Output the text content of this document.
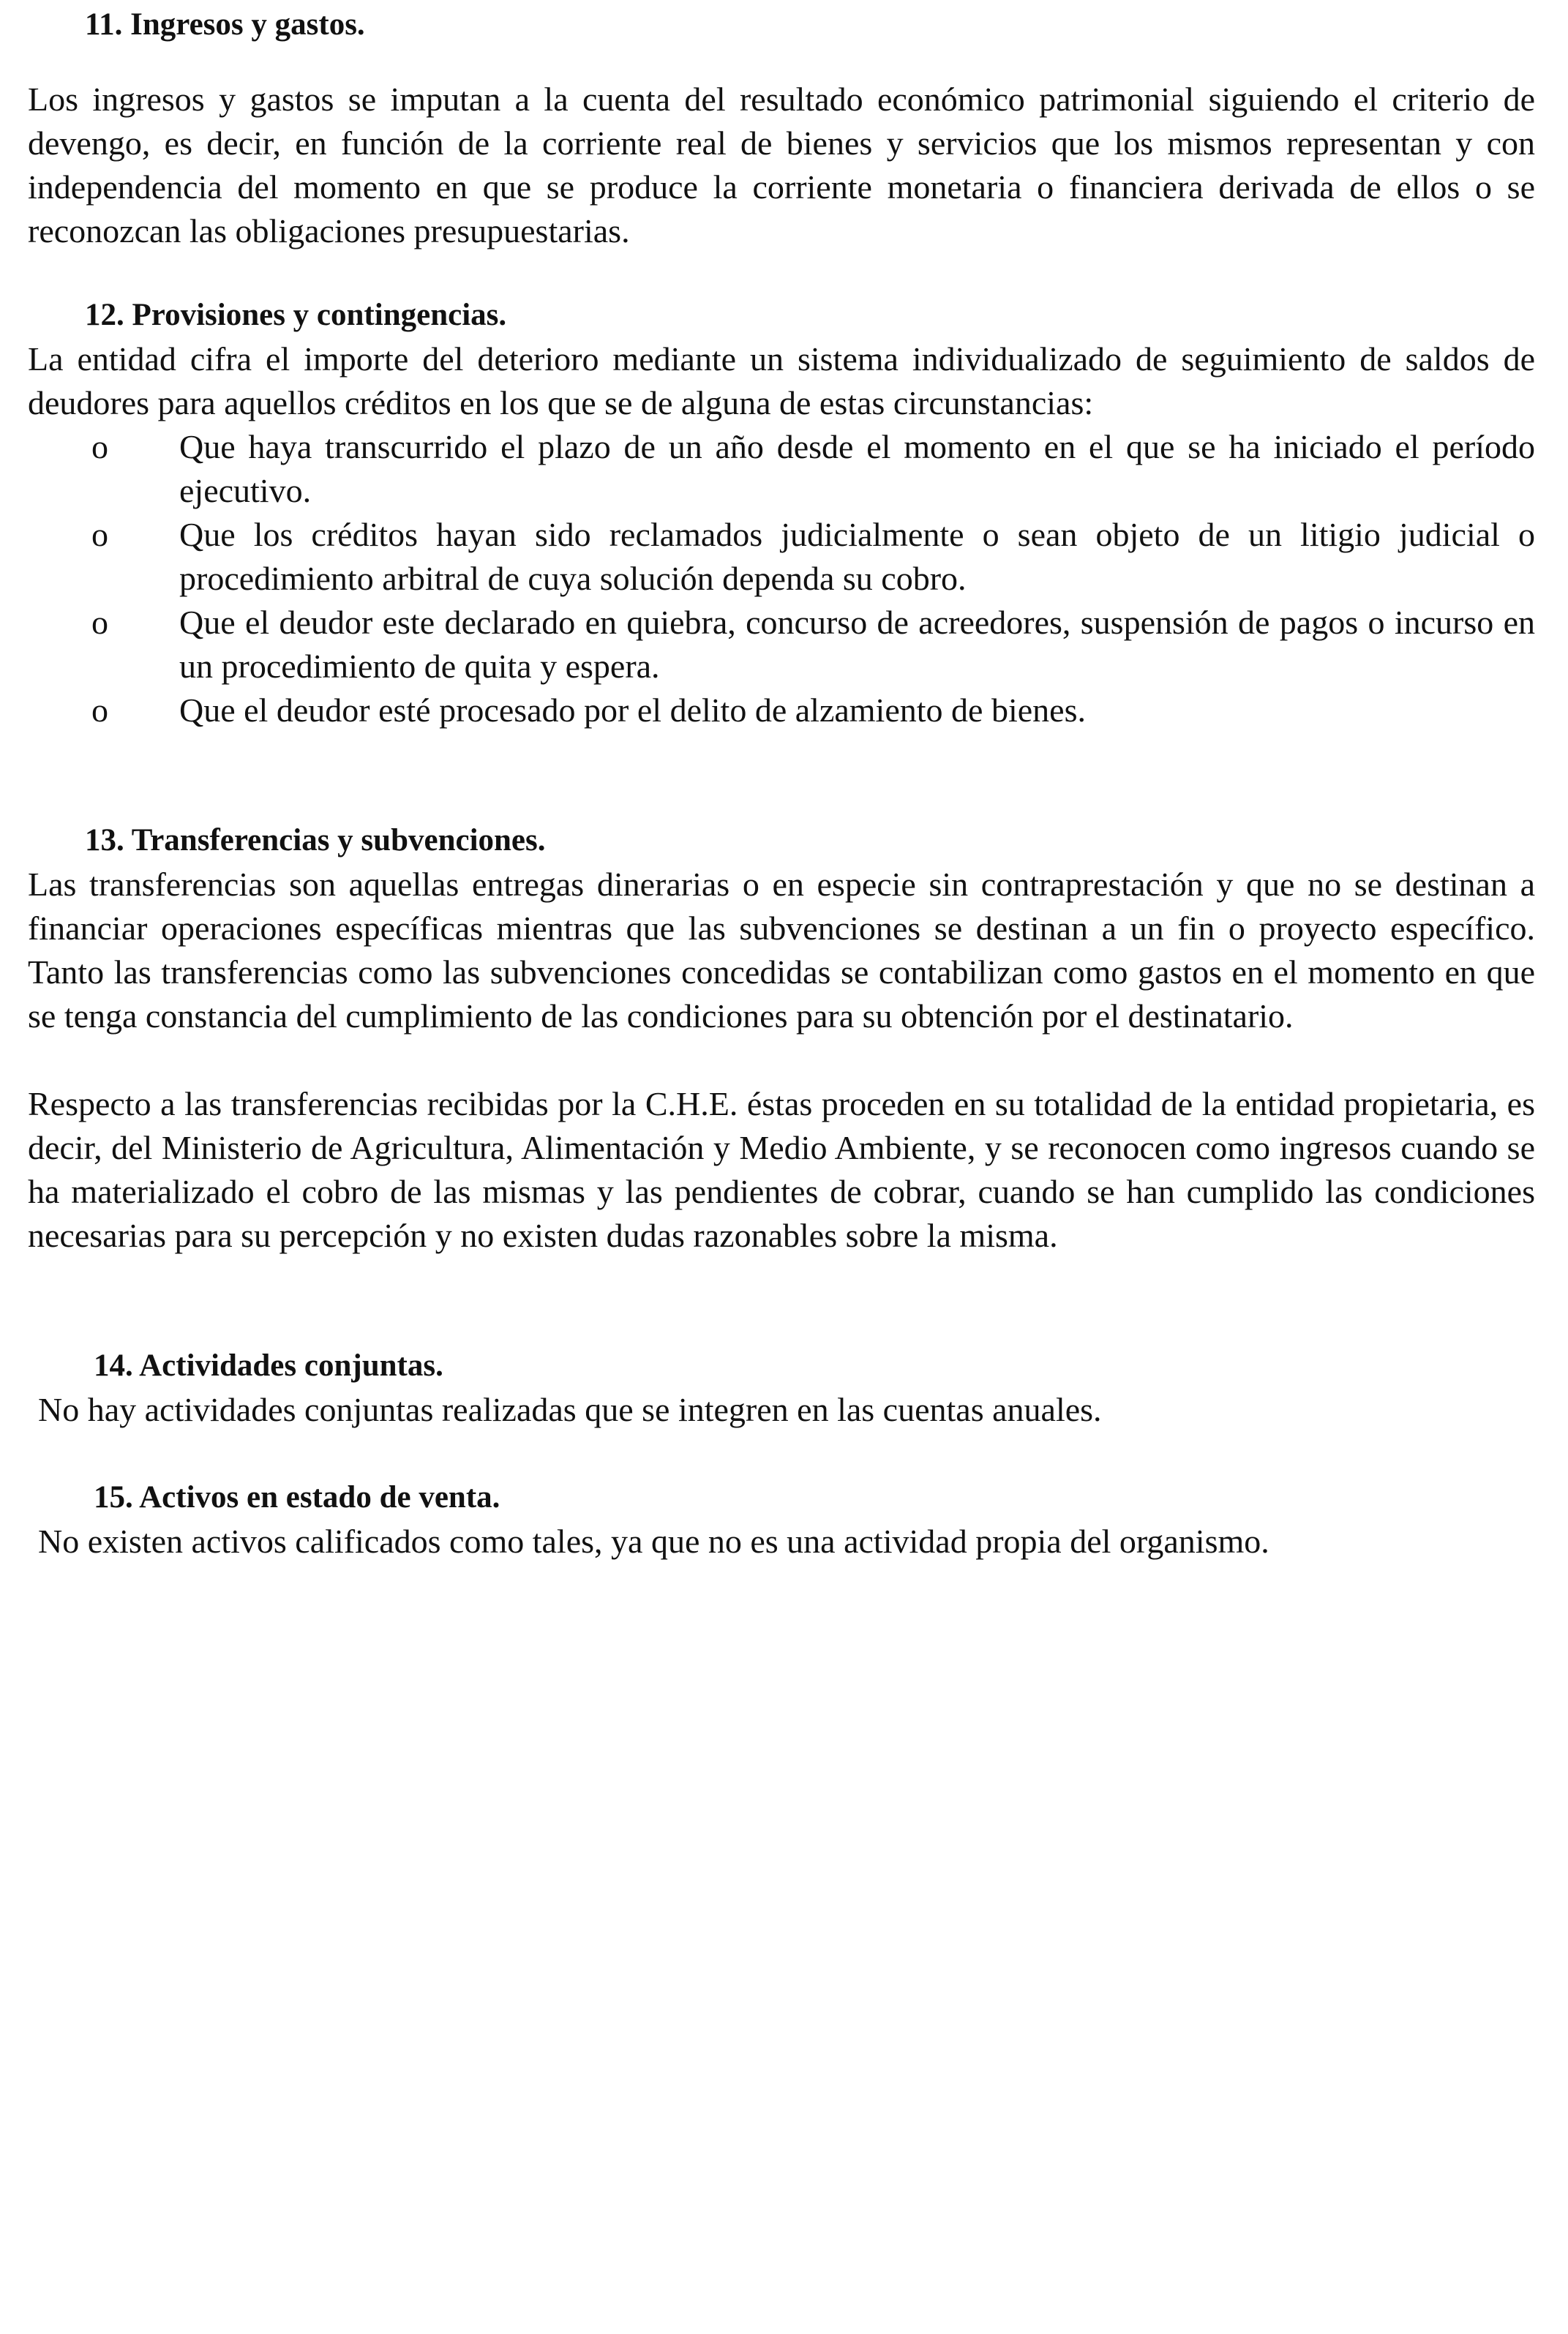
11. Ingresos y gastos.

Los ingresos y gastos se imputan a la cuenta del resultado económico patrimonial siguiendo el criterio de devengo, es decir, en función de la corriente real de bienes y servicios que los mismos representan y con independencia del momento en que se produce la corriente monetaria o financiera derivada de ellos o se reconozcan las obligaciones presupuestarias.

12. Provisiones y contingencias.

La entidad cifra el importe del deterioro mediante un sistema individualizado de seguimiento de saldos de deudores para aquellos créditos en los que se de alguna de estas circunstancias:

o Que haya transcurrido el plazo de un año desde el momento en el que se ha iniciado el período ejecutivo.
o Que los créditos hayan sido reclamados judicialmente o sean objeto de un litigio judicial o procedimiento arbitral de cuya solución dependa su cobro.
o Que el deudor este declarado en quiebra, concurso de acreedores, suspensión de pagos o incurso en un procedimiento de quita y espera.
o Que el deudor esté procesado por el delito de alzamiento de bienes.

13. Transferencias y subvenciones.

Las transferencias son aquellas entregas dinerarias o en especie sin contraprestación y que no se destinan a financiar operaciones específicas mientras que las subvenciones se destinan a un fin o proyecto específico. Tanto las transferencias como las subvenciones concedidas se contabilizan como gastos en el momento en que se tenga constancia del cumplimiento de las condiciones para su obtención por el destinatario.

Respecto a las transferencias recibidas por la C.H.E. éstas proceden en su totalidad de la entidad propietaria, es decir, del Ministerio de Agricultura, Alimentación y Medio Ambiente, y se reconocen como ingresos cuando se ha materializado el cobro de las mismas y las pendientes de cobrar, cuando se han cumplido las condiciones necesarias para su percepción y no existen dudas razonables sobre la misma.

14. Actividades conjuntas.

No hay actividades conjuntas realizadas que se integren en las cuentas anuales.

15. Activos en estado de venta.

No existen activos calificados como tales, ya que no es una actividad propia del organismo.
